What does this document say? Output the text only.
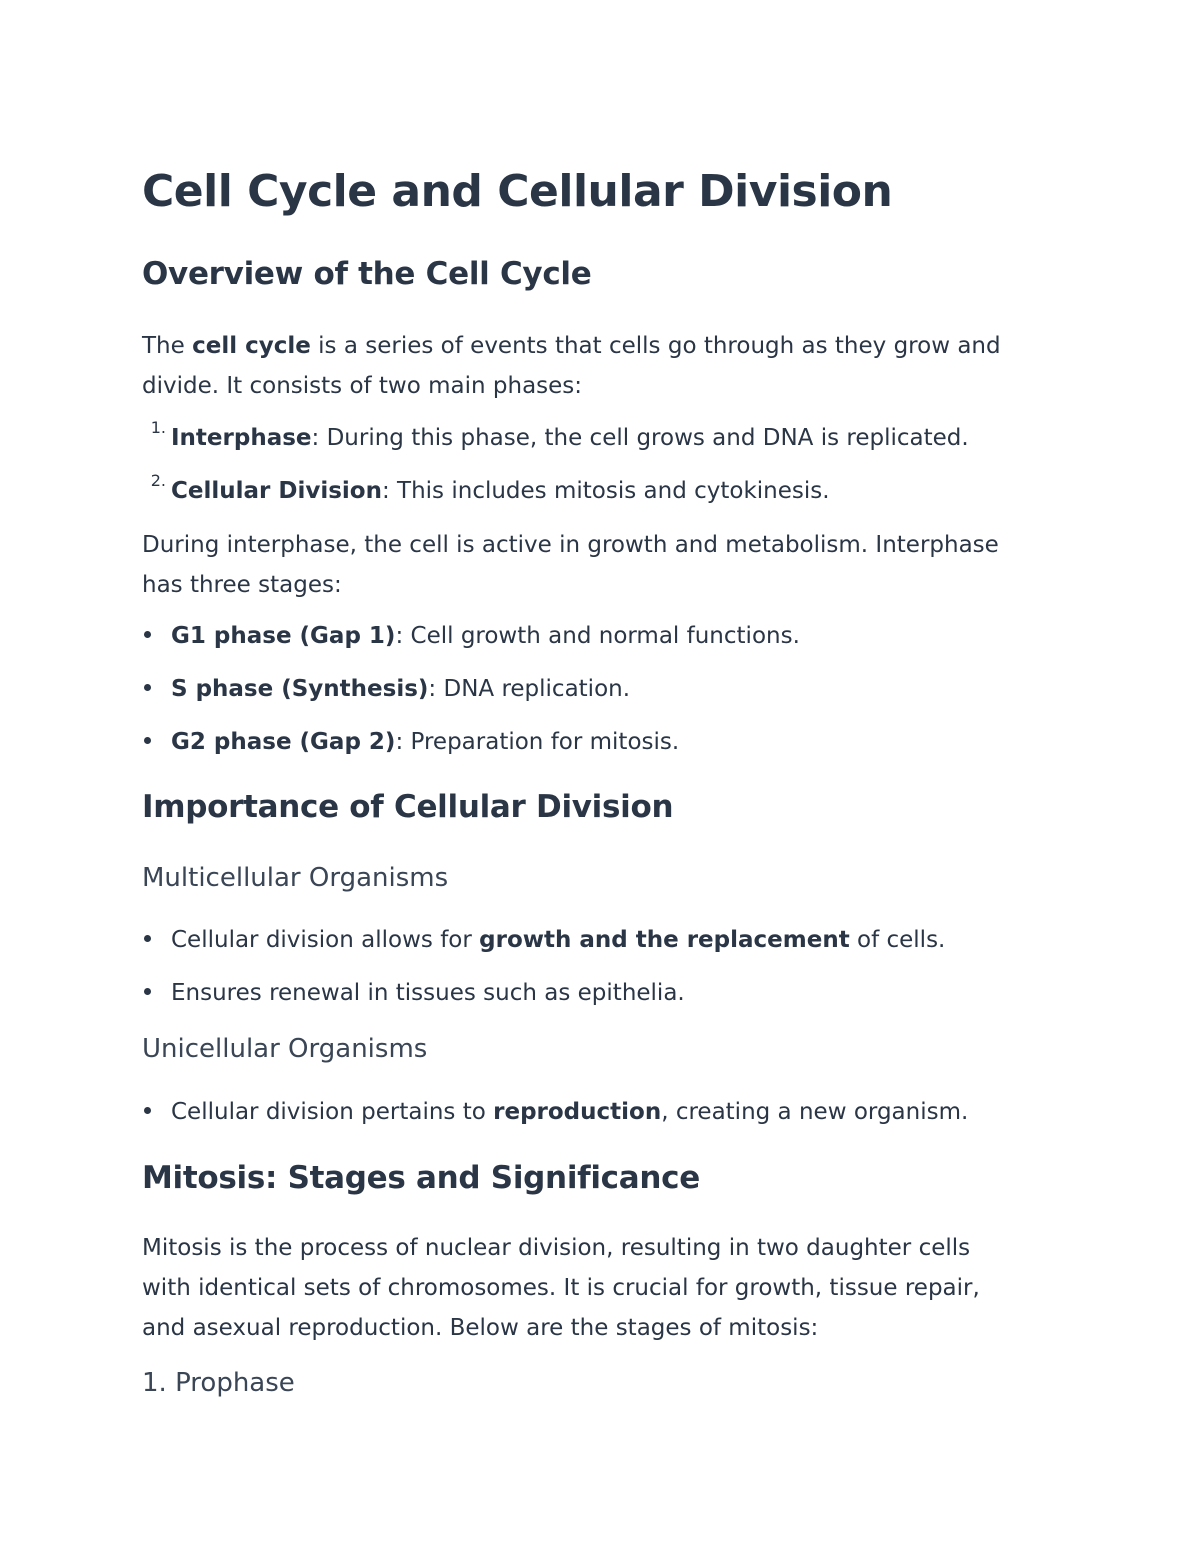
Cell Cycle and Cellular Division
Overview of the Cell Cycle

The cell cycle is a series of events that cells go through as they grow and

divide. It consists of two main phases:

1. Interphase: During this phase, the cell grows and DNA is replicated.

2. Cellular Division: This includes mitosis and cytokinesis.

During interphase, the cell is active in growth and metabolism. Interphase

has three stages:

G1 phase (Gap 1): Cell growth and normal functions.

S phase (Synthesis): DNA replication.

G2 phase (Gap 2): Preparation for mitosis.

Importance of Cellular Division
Multicellular Organisms

Cellular division allows for growth and the replacement of cells.

Ensures renewal in tissues such as epithelia.

Unicellular Organisms

Cellular division pertains to reproduction, creating a new organism.

Mitosis: Stages and Significance

Mitosis is the process of nuclear division, resulting in two daughter cells

with identical sets of chromosomes. It is crucial for growth, tissue repair,

and asexual reproduction. Below are the stages of mitosis:

1. Prophase
